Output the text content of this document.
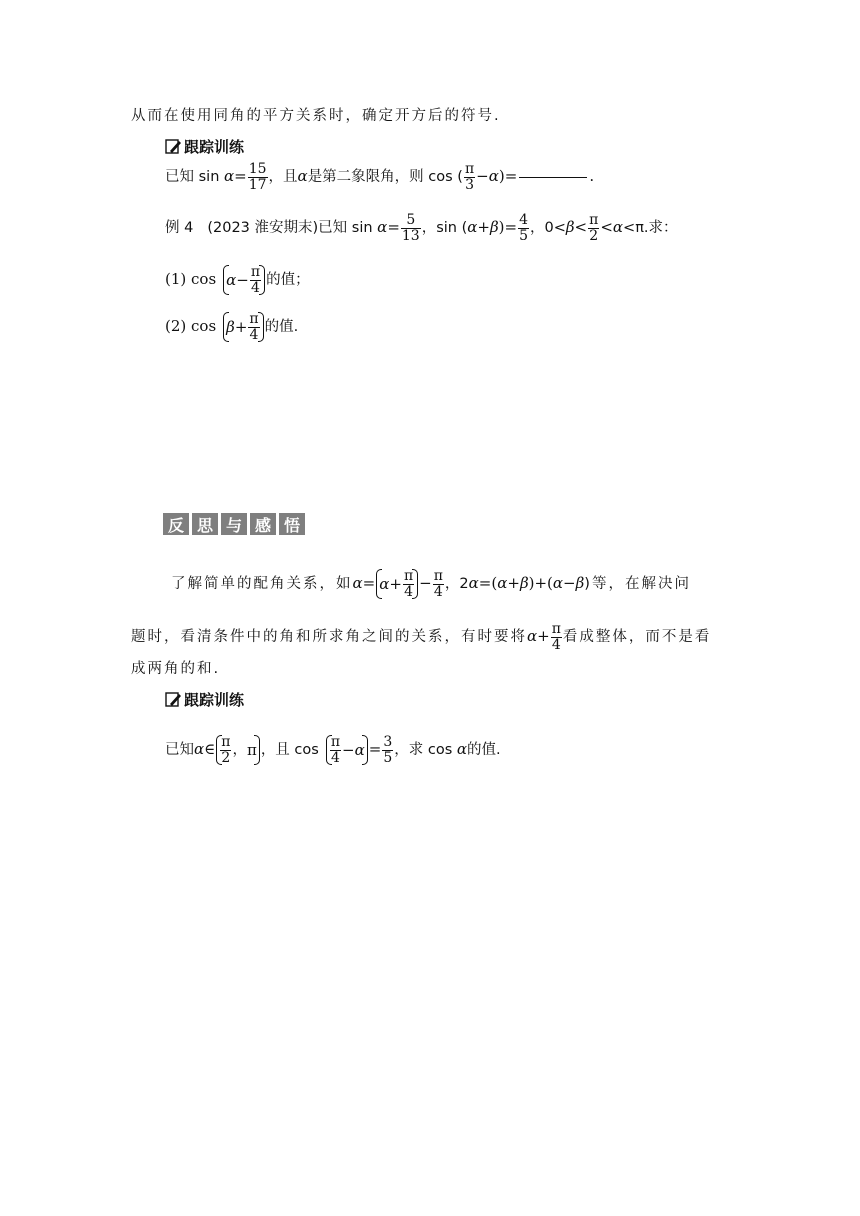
从而在使用同角的平方关系时，确定开方后的符号.
跟踪训练
已知 $\sin \alpha= \frac{15}{17}$ ，且α是第二象限角，则 cos ( $\frac{\pi}{3} -\alpha)=$	.
例 4 (2023 淮安期末)已知 $\sin \alpha= \frac{5}{13}$ ，$\sin (\alpha+\beta)= \frac{4}{5}$ ，$0<\beta< \frac{\pi}{2} <\alpha<\pi$.求：
(1) $\cos \alpha - \frac{\pi}{4}$ 的值；
(2) $\cos \beta + \frac{\pi}{4}$ 的值.
反 思 与 感 悟
了解简单的配角关系，如$\alpha= \alpha + \frac{\pi}{4} - \frac{\pi}{4}$ ，2α=(α+β)+(α−β)等，在解决问
题时，看清条件中的角和所求角之间的关系，有时要将$\alpha+ \frac{\pi}{4}$ 看成整体，而不是看
成两角的和.
跟踪训练
已知α∈ $\frac{\pi}{2}$ ， π ，且 $\cos \frac{\pi}{4} - \alpha = \frac{3}{5}$ ，求 cos α的值.
